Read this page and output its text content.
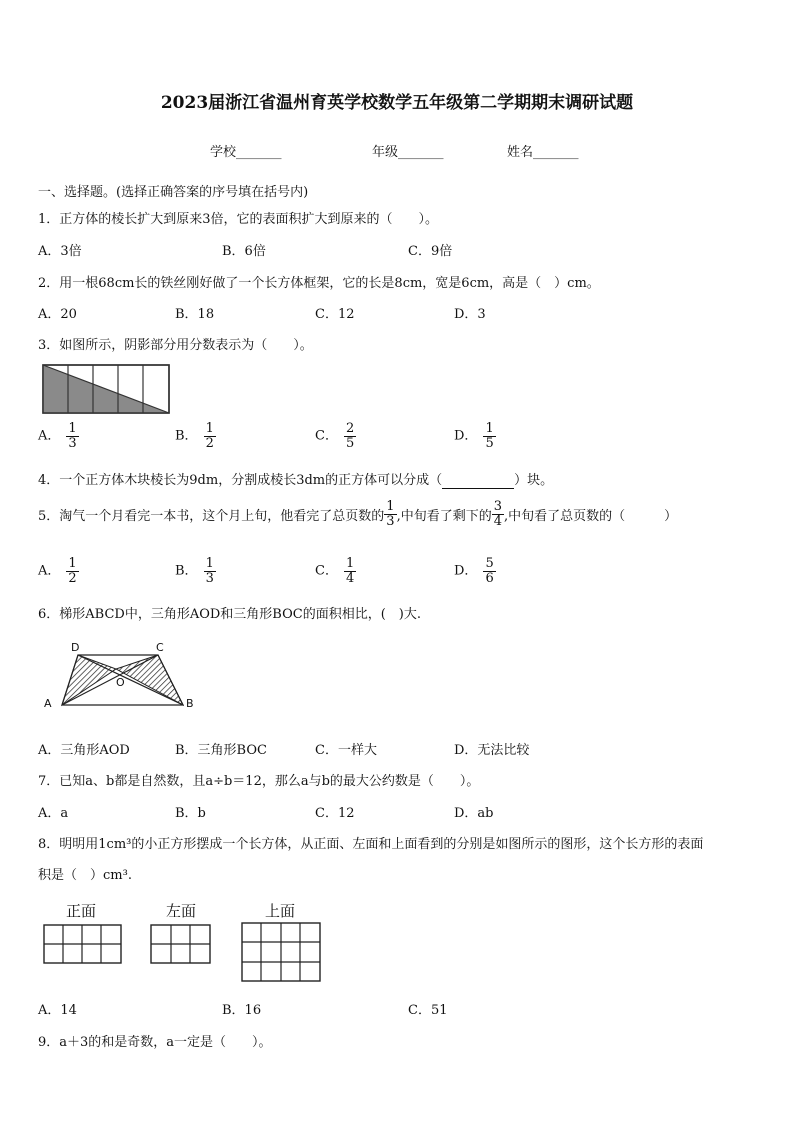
2023届浙江省温州育英学校数学五年级第二学期期末调研试题
学校_______	年级_______	姓名_______
一、选择题。(选择正确答案的序号填在括号内)
1．正方体的棱长扩大到原来3倍，它的表面积扩大到原来的（　　）。
A．3倍	B．6倍	C．9倍
2．用一根68cm长的铁丝刚好做了一个长方体框架，它的长是8cm，宽是6cm，高是（　）cm。
A．20	B．18	C．12	D．3
3．如图所示，阴影部分用分数表示为（　　）。
A． $\frac{1}{3}$	B． $\frac{1}{2}$	C． $\frac{2}{5}$	D． $\frac{1}{5}$
4．一个正方体木块棱长为9dm，分割成棱长3dm的正方体可以分成（	）块。
5．淘气一个月看完一本书，这个月上旬，他看完了总页数的 $\frac{1}{3}$ ,中旬看了剩下的 $\frac{3}{4}$ ,中旬看了总页数的（　　　）
A． $\frac{1}{2}$	B． $\frac{1}{3}$	C． $\frac{1}{4}$	D． $\frac{5}{6}$
6．梯形ABCD中，三角形AOD和三角形BOC的面积相比，(　)大.
D	C
O
A	B
A．三角形AOD	B．三角形BOC	C．一样大	D．无法比较
7．已知a、b都是自然数，且a÷b＝12，那么a与b的最大公约数是（　　）。
A．a	B．b	C．12	D．ab
8．明明用1cm³的小正方形摆成一个长方体，从正面、左面和上面看到的分别是如图所示的图形，这个长方形的表面
积是（　）cm³.
正面	左面	上面
A．14	B．16	C．51
9．a＋3的和是奇数，a一定是（　　）。
